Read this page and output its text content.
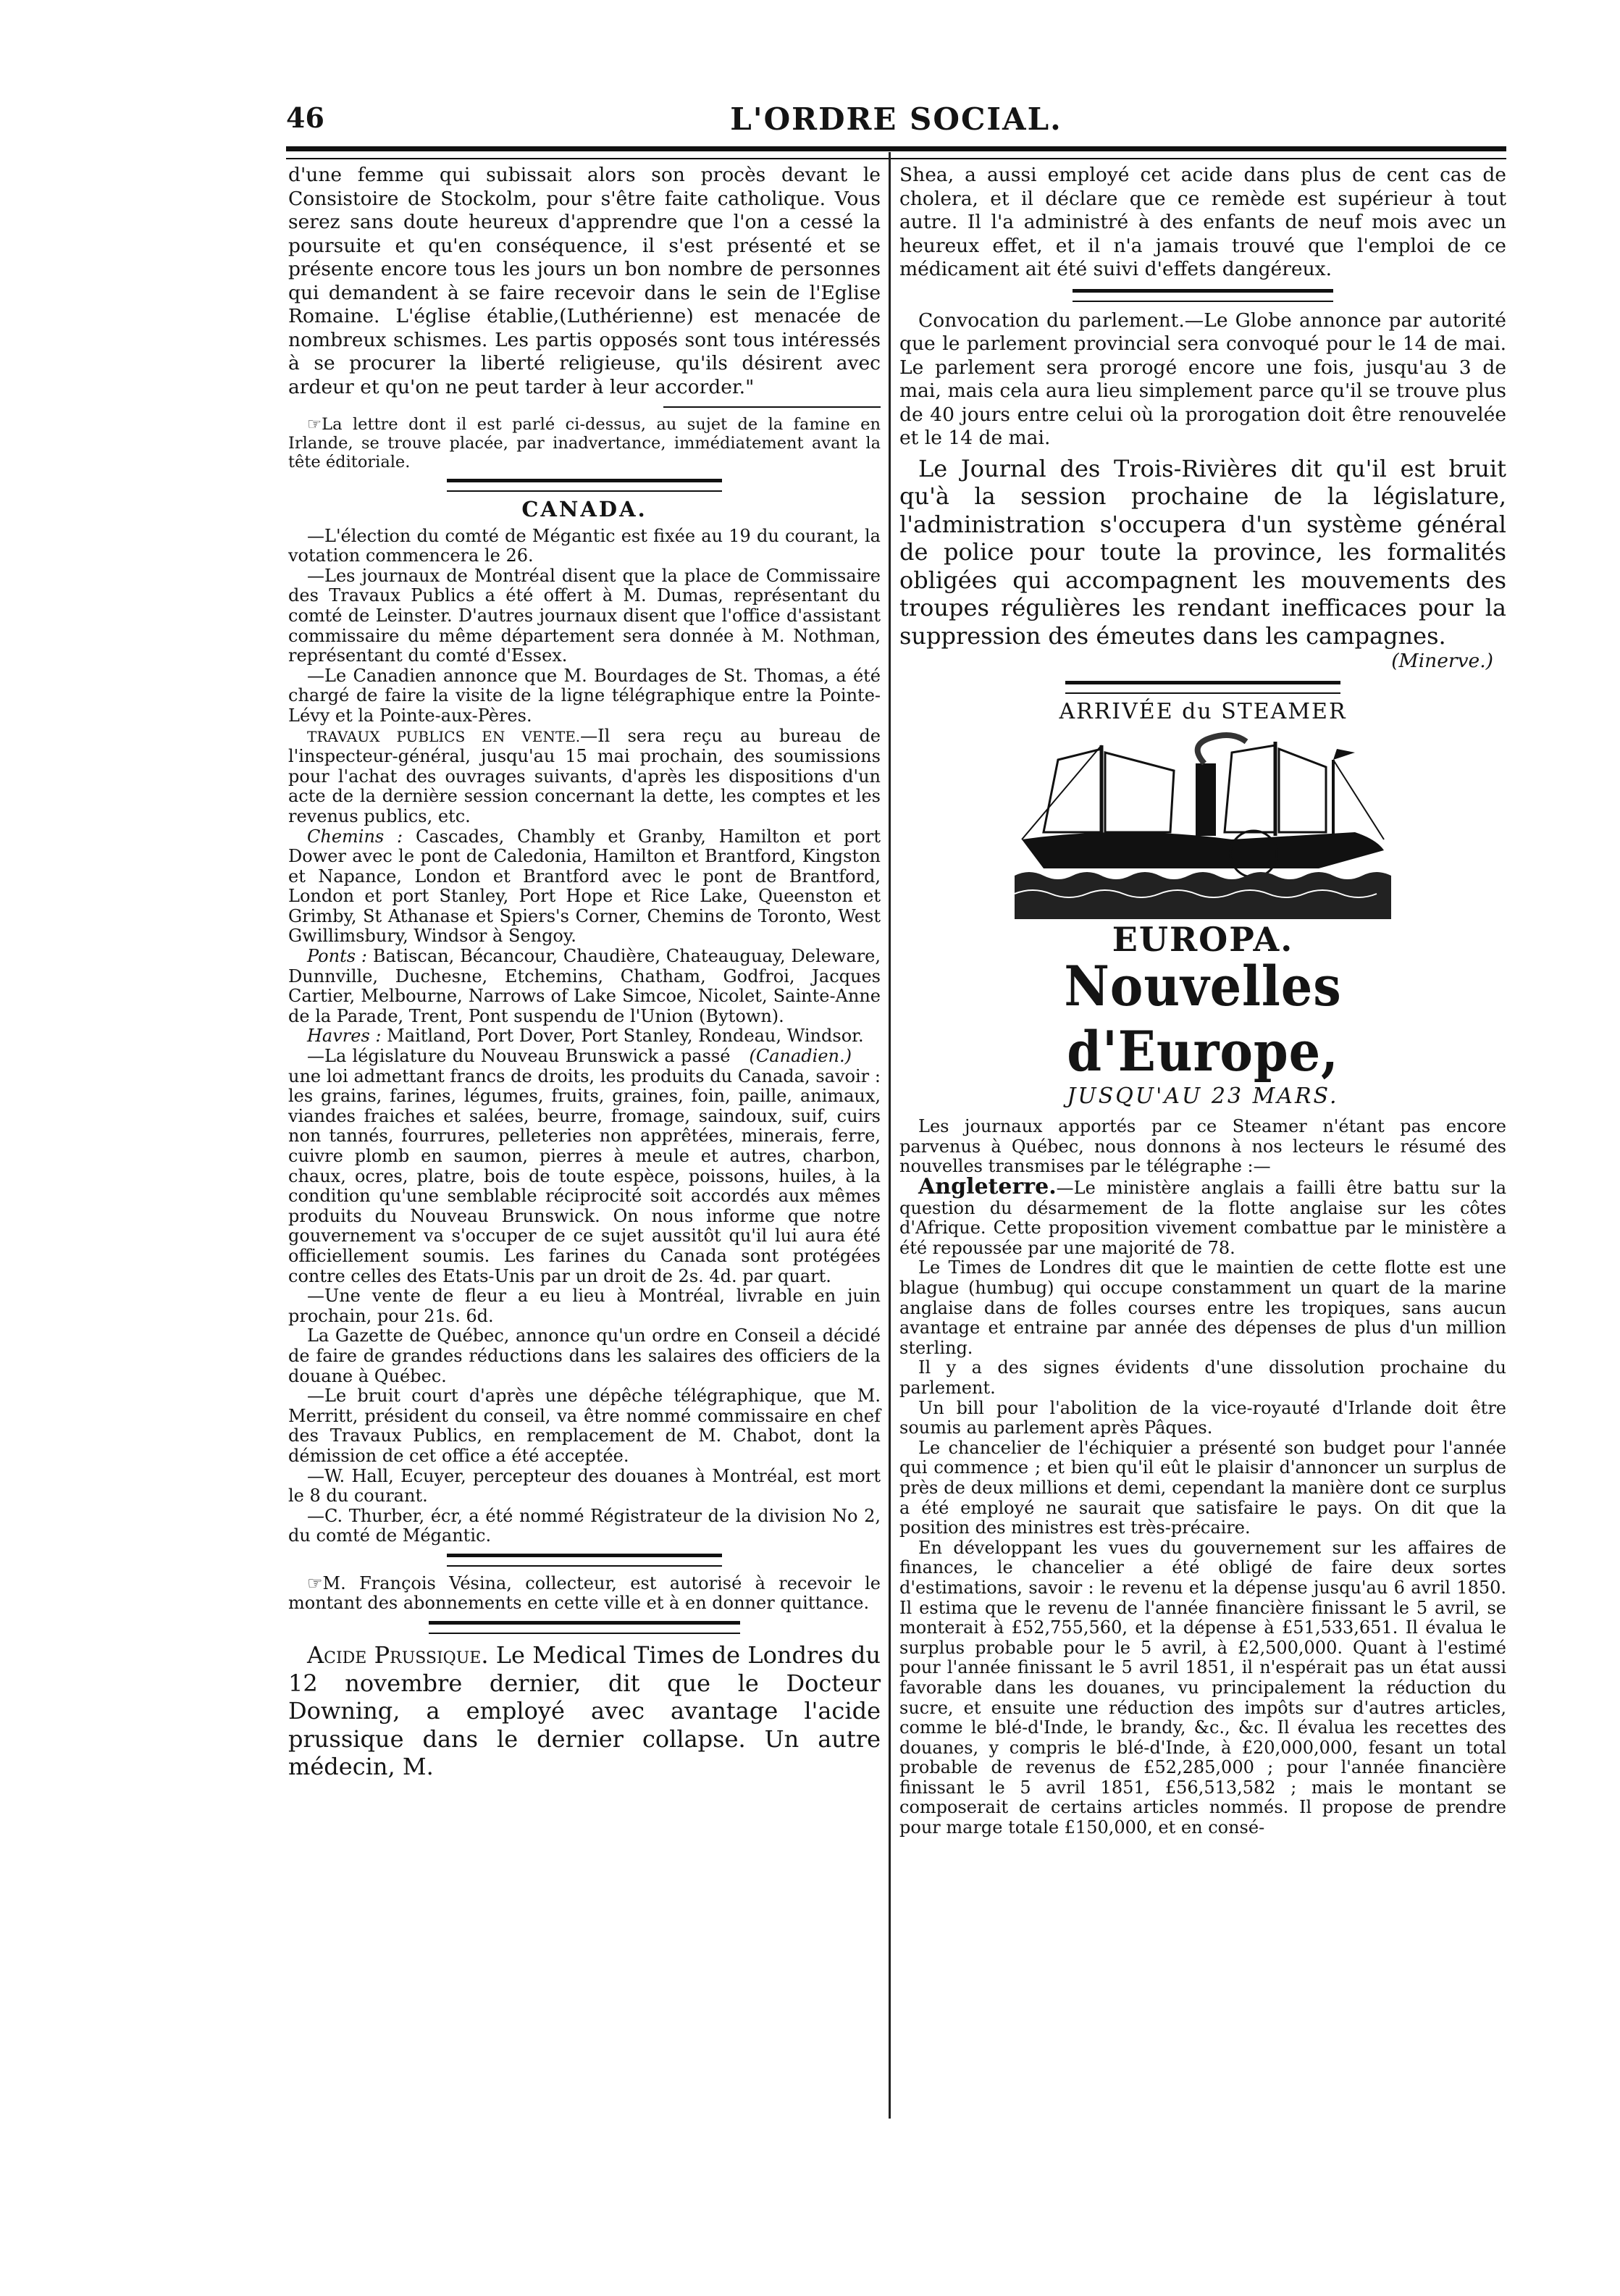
46	L'ORDRE SOCIAL.

d'une femme qui subissait alors son procès devant le Consistoire de Stockolm, pour s'être faite catholique. Vous serez sans doute heureux d'apprendre que l'on a cessé la poursuite et qu'en conséquence, il s'est présenté et se présente encore tous les jours un bon nombre de personnes qui demandent à se faire recevoir dans le sein de l'Eglise Romaine. L'église établie,(Luthérienne) est menacée de nombreux schismes. Les partis opposés sont tous intéressés à se procurer la liberté religieuse, qu'ils désirent avec ardeur et qu'on ne peut tarder à leur accorder."

☞La lettre dont il est parlé ci-dessus, au sujet de la famine en Irlande, se trouve placée, par inadvertance, immédiatement avant la tête éditoriale.

CANADA.

—L'élection du comté de Mégantic est fixée au 19 du courant, la votation commencera le 26.

—Les journaux de Montréal disent que la place de Commissaire des Travaux Publics a été offert à M. Dumas, représentant du comté de Leinster. D'autres journaux disent que l'office d'assistant commissaire du même département sera donnée à M. Nothman, représentant du comté d'Essex.

—Le Canadien annonce que M. Bourdages de St. Thomas, a été chargé de faire la visite de la ligne télégraphique entre la Pointe-Lévy et la Pointe-aux-Pères.

TRAVAUX PUBLICS EN VENTE.—Il sera reçu au bureau de l'inspecteur-général, jusqu'au 15 mai prochain, des soumissions pour l'achat des ouvrages suivants, d'après les dispositions d'un acte de la dernière session concernant la dette, les comptes et les revenus publics, etc.

Chemins : Cascades, Chambly et Granby, Hamilton et port Dower avec le pont de Caledonia, Hamilton et Brantford, Kingston et Napance, London et Brantford avec le pont de Brantford, London et port Stanley, Port Hope et Rice Lake, Queenston et Grimby, St Athanase et Spiers's Corner, Chemins de Toronto, West Gwillimsbury, Windsor à Sengoy.

Ponts : Batiscan, Bécancour, Chaudière, Chateauguay, Deleware, Dunnville, Duchesne, Etchemins, Chatham, Godfroi, Jacques Cartier, Melbourne, Narrows of Lake Simcoe, Nicolet, Sainte-Anne de la Parade, Trent, Pont suspendu de l'Union (Bytown).

Havres : Maitland, Port Dover, Port Stanley, Rondeau, Windsor.
(Canadien.)

—La législature du Nouveau Brunswick a passé une loi admettant francs de droits, les produits du Canada, savoir : les grains, farines, légumes, fruits, graines, foin, paille, animaux, viandes fraiches et salées, beurre, fromage, saindoux, suif, cuirs non tannés, fourrures, pelleteries non apprêtées, minerais, ferre, cuivre plomb en saumon, pierres à meule et autres, charbon, chaux, ocres, platre, bois de toute espèce, poissons, huiles, à la condition qu'une semblable réciprocité soit accordés aux mêmes produits du Nouveau Brunswick. On nous informe que notre gouvernement va s'occuper de ce sujet aussitôt qu'il lui aura été officiellement soumis. Les farines du Canada sont protégées contre celles des Etats-Unis par un droit de 2s. 4d. par quart.

—Une vente de fleur a eu lieu à Montréal, livrable en juin prochain, pour 21s. 6d.

La Gazette de Québec, annonce qu'un ordre en Conseil a décidé de faire de grandes réductions dans les salaires des officiers de la douane à Québec.

—Le bruit court d'après une dépêche télégraphique, que M. Merritt, président du conseil, va être nommé commissaire en chef des Travaux Publics, en remplacement de M. Chabot, dont la démission de cet office a été acceptée.

—W. Hall, Ecuyer, percepteur des douanes à Montréal, est mort le 8 du courant.

—C. Thurber, écr, a été nommé Régistrateur de la division No 2, du comté de Mégantic.

☞M. François Vésina, collecteur, est autorisé à recevoir le montant des abonnements en cette ville et à en donner quittance.

Acide Prussique. Le Medical Times de Londres du 12 novembre dernier, dit que le Docteur Downing, a employé avec avantage l'acide prussique dans le dernier collapse. Un autre médecin, M.

Shea, a aussi employé cet acide dans plus de cent cas de cholera, et il déclare que ce remède est supérieur à tout autre. Il l'a administré à des enfants de neuf mois avec un heureux effet, et il n'a jamais trouvé que l'emploi de ce médicament ait été suivi d'effets dangéreux.

Convocation du parlement.—Le Globe annonce par autorité que le parlement provincial sera convoqué pour le 14 de mai. Le parlement sera prorogé encore une fois, jusqu'au 3 de mai, mais cela aura lieu simplement parce qu'il se trouve plus de 40 jours entre celui où la prorogation doit être renouvelée et le 14 de mai.

Le Journal des Trois-Rivières dit qu'il est bruit qu'à la session prochaine de la législature, l'administration s'occupera d'un système général de police pour toute la province, les formalités obligées qui accompagnent les mouvements des troupes régulières les rendant inefficaces pour la suppression des émeutes dans les campagnes.

(Minerve.)

ARRIVÉE du STEAMER
EUROPA.
Nouvelles d'Europe,
JUSQU'AU 23 MARS.

Les journaux apportés par ce Steamer n'étant pas encore parvenus à Québec, nous donnons à nos lecteurs le résumé des nouvelles transmises par le télégraphe :—

Angleterre.—Le ministère anglais a failli être battu sur la question du désarmement de la flotte anglaise sur les côtes d'Afrique. Cette proposition vivement combattue par le ministère a été repoussée par une majorité de 78.

Le Times de Londres dit que le maintien de cette flotte est une blague (humbug) qui occupe constamment un quart de la marine anglaise dans de folles courses entre les tropiques, sans aucun avantage et entraine par année des dépenses de plus d'un million sterling.

Il y a des signes évidents d'une dissolution prochaine du parlement.

Un bill pour l'abolition de la vice-royauté d'Irlande doit être soumis au parlement après Pâques.

Le chancelier de l'échiquier a présenté son budget pour l'année qui commence ; et bien qu'il eût le plaisir d'annoncer un surplus de près de deux millions et demi, cependant la manière dont ce surplus a été employé ne saurait que satisfaire le pays. On dit que la position des ministres est très-précaire.

En développant les vues du gouvernement sur les affaires de finances, le chancelier a été obligé de faire deux sortes d'estimations, savoir : le revenu et la dépense jusqu'au 6 avril 1850. Il estima que le revenu de l'année financière finissant le 5 avril, se monterait à £52,755,560, et la dépense à £51,533,651. Il évalua le surplus probable pour le 5 avril, à £2,500,000. Quant à l'estimé pour l'année finissant le 5 avril 1851, il n'espérait pas un état aussi favorable dans les douanes, vu principalement la réduction du sucre, et ensuite une réduction des impôts sur d'autres articles, comme le blé-d'Inde, le brandy, &c., &c. Il évalua les recettes des douanes, y compris le blé-d'Inde, à £20,000,000, fesant un total probable de revenus de £52,285,000 ; pour l'année financière finissant le 5 avril 1851, £56,513,582 ; mais le montant se composerait de certains articles nommés. Il propose de prendre pour marge totale £150,000, et en consé-
